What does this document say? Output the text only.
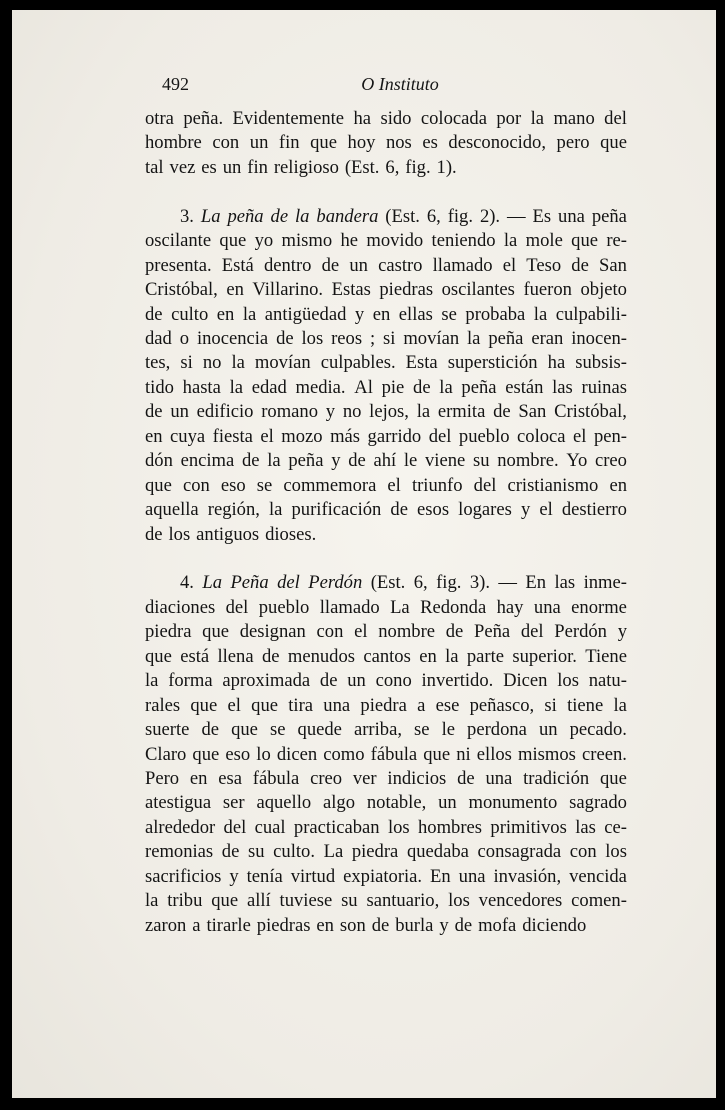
492	O Instituto
otra peña. Evidentemente ha sido colocada por la mano del
hombre con un fin que hoy nos es desconocido, pero que
tal vez es un fin religioso (Est. 6, fig. 1).
3. La peña de la bandera (Est. 6, fig. 2). — Es una peña
oscilante que yo mismo he movido teniendo la mole que re-
presenta. Está dentro de un castro llamado el Teso de San
Cristóbal, en Villarino. Estas piedras oscilantes fueron objeto
de culto en la antigüedad y en ellas se probaba la culpabili-
dad o inocencia de los reos ; si movían la peña eran inocen-
tes, si no la movían culpables. Esta superstición ha subsis-
tido hasta la edad media. Al pie de la peña están las ruinas
de un edificio romano y no lejos, la ermita de San Cristóbal,
en cuya fiesta el mozo más garrido del pueblo coloca el pen-
dón encima de la peña y de ahí le viene su nombre. Yo creo
que con eso se commemora el triunfo del cristianismo en
aquella región, la purificación de esos logares y el destierro
de los antiguos dioses.
4. La Peña del Perdón (Est. 6, fig. 3). — En las inme-
diaciones del pueblo llamado La Redonda hay una enorme
piedra que designan con el nombre de Peña del Perdón y
que está llena de menudos cantos en la parte superior. Tiene
la forma aproximada de un cono invertido. Dicen los natu-
rales que el que tira una piedra a ese peñasco, si tiene la
suerte de que se quede arriba, se le perdona un pecado.
Claro que eso lo dicen como fábula que ni ellos mismos creen.
Pero en esa fábula creo ver indicios de una tradición que
atestigua ser aquello algo notable, un monumento sagrado
alrededor del cual practicaban los hombres primitivos las ce-
remonias de su culto. La piedra quedaba consagrada con los
sacrificios y tenía virtud expiatoria. En una invasión, vencida
la tribu que allí tuviese su santuario, los vencedores comen-
zaron a tirarle piedras en son de burla y de mofa diciendo
